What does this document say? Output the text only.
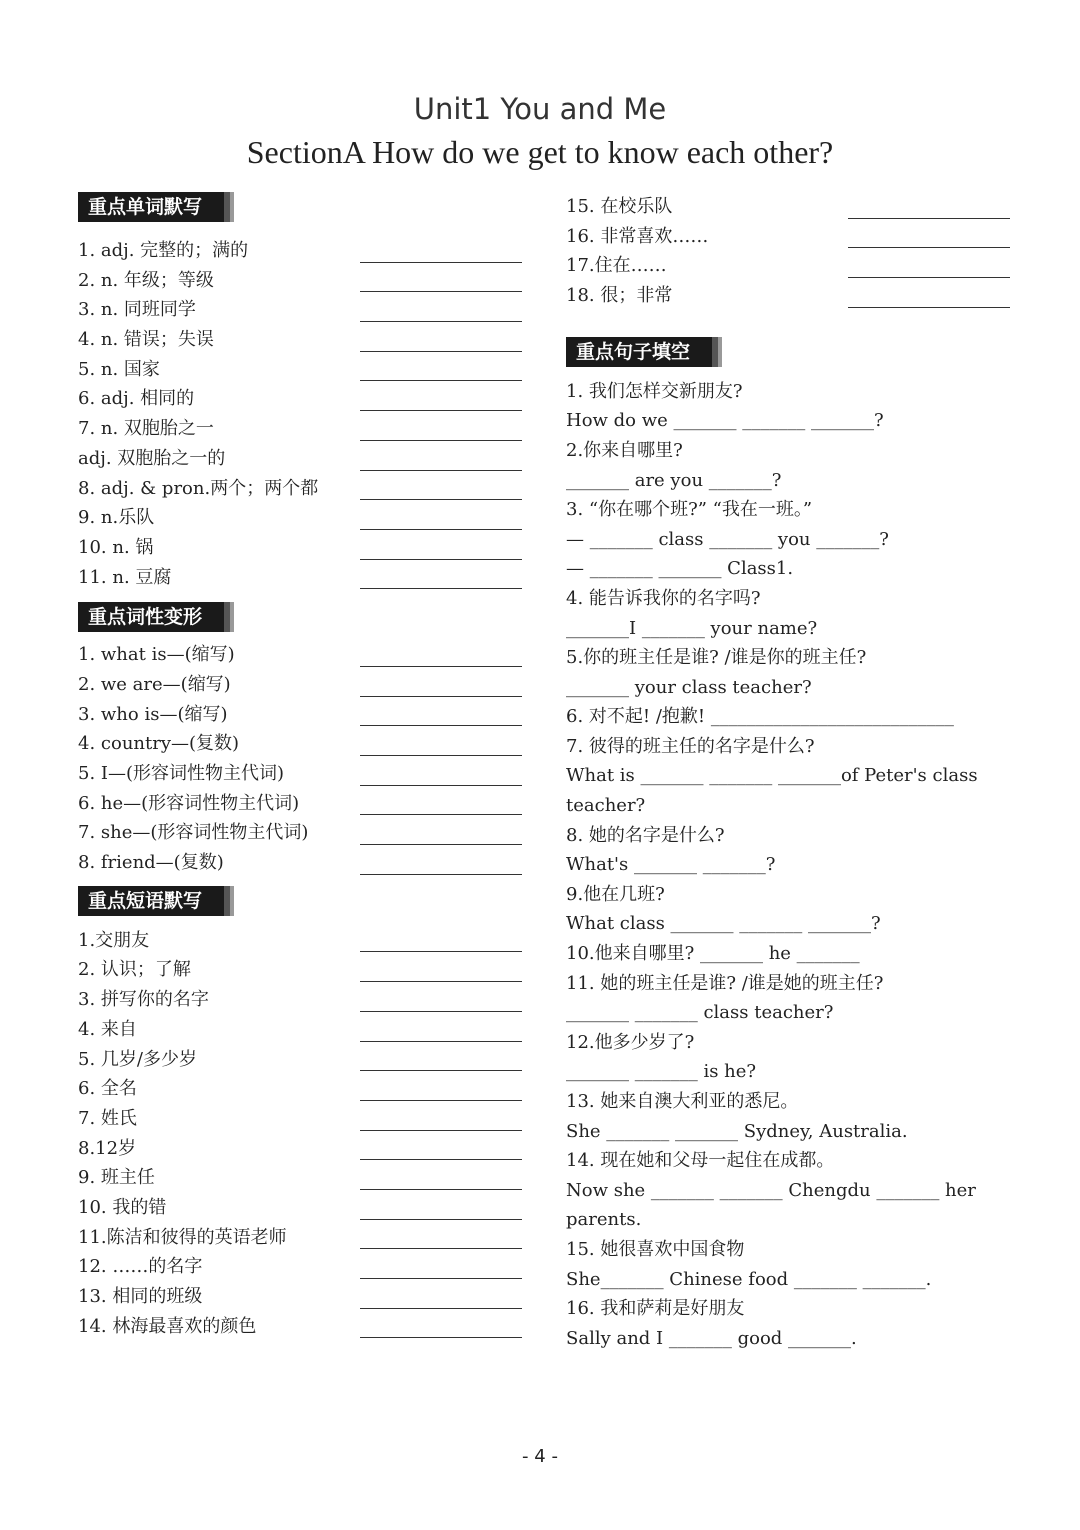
Unit1 You and Me
SectionA How do we get to know each other?
重点单词默写
1. adj. 完整的；满的
2. n. 年级；等级
3. n. 同班同学
4. n. 错误；失误
5. n. 国家
6. adj. 相同的
7. n. 双胞胎之一
adj. 双胞胎之一的
8. adj. & pron.两个；两个都
9. n.乐队
10. n. 锅
11. n. 豆腐
重点词性变形
1. what is—(缩写)
2. we are—(缩写)
3. who is—(缩写)
4. country—(复数)
5. I—(形容词性物主代词)
6. he—(形容词性物主代词)
7. she—(形容词性物主代词)
8. friend—(复数)
重点短语默写
1.交朋友
2. 认识；了解
3. 拼写你的名字
4. 来自
5. 几岁/多少岁
6. 全名
7. 姓氏
8.12岁
9. 班主任
10. 我的错
11.陈洁和彼得的英语老师
12. ……的名字
13. 相同的班级
14. 林海最喜欢的颜色
15. 在校乐队
16. 非常喜欢……
17.住在……
18. 很；非常
重点句子填空
1. 我们怎样交新朋友?
How do we _______ _______ _______?
2.你来自哪里?
_______ are you _______?
3. “你在哪个班?” “我在一班。”
— _______ class _______ you _______?
— _______ _______ Class1.
4. 能告诉我你的名字吗?
_______I _______ your name?
5.你的班主任是谁? /谁是你的班主任?
_______ your class teacher?
6. 对不起! /抱歉! ___________________________
7. 彼得的班主任的名字是什么?
What is _______ _______ _______of Peter's class
teacher?
8. 她的名字是什么?
What's _______ _______?
9.他在几班?
What class _______ _______ _______?
10.他来自哪里? _______ he _______
11. 她的班主任是谁? /谁是她的班主任?
_______ _______ class teacher?
12.他多少岁了?
_______ _______ is he?
13. 她来自澳大利亚的悉尼。
She _______ _______ Sydney, Australia.
14. 现在她和父母一起住在成都。
Now she _______ _______ Chengdu _______ her
parents.
15. 她很喜欢中国食物
She_______ Chinese food _______ _______.
16. 我和萨莉是好朋友
Sally and I _______ good _______.
- 4 -
